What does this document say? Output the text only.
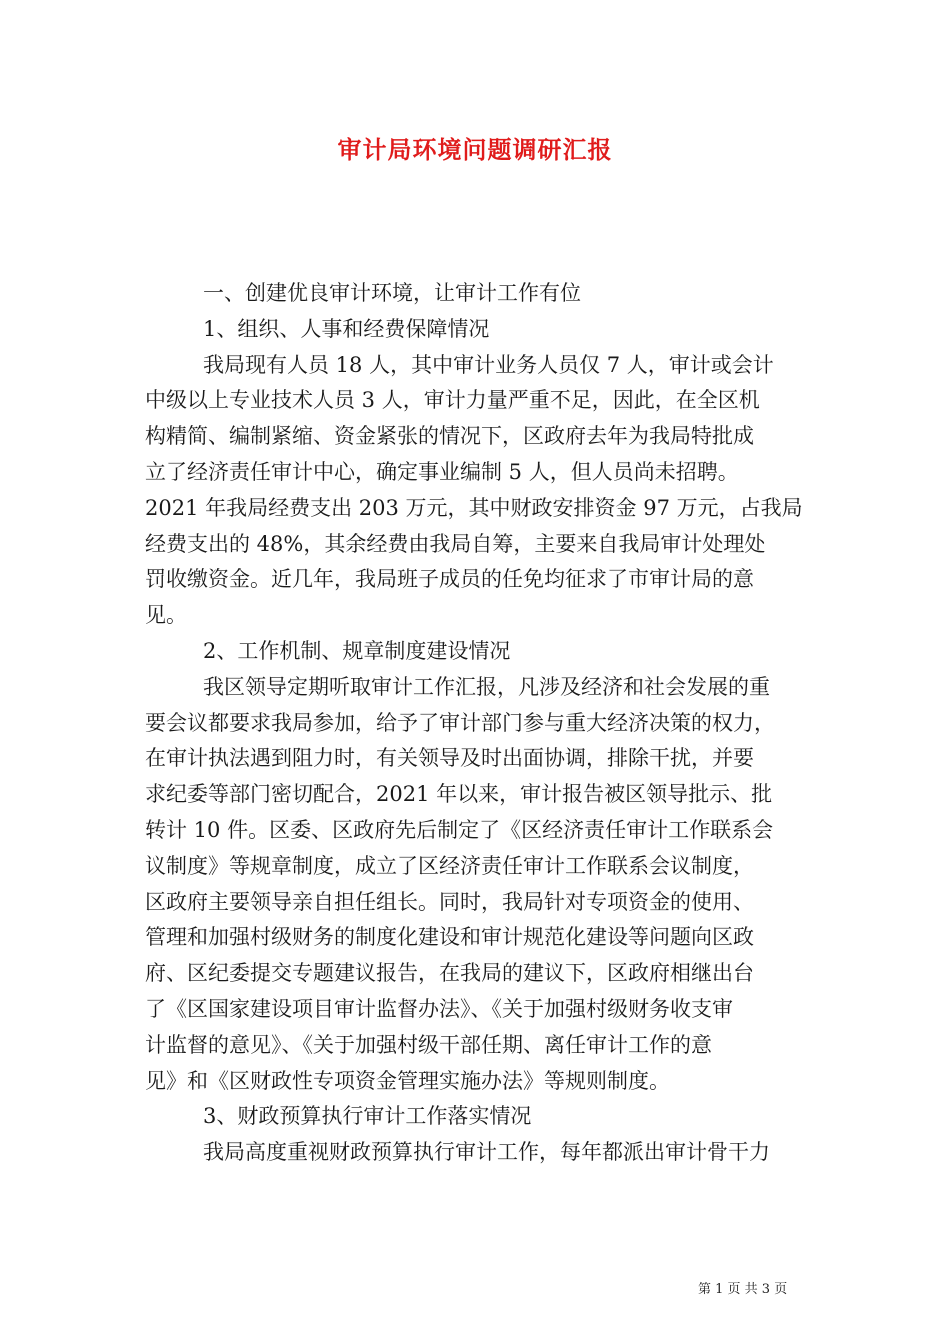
审计局环境问题调研汇报
一、创建优良审计环境，让审计工作有位
1、组织、人事和经费保障情况
我局现有人员 18 人，其中审计业务人员仅 7 人，审计或会计
中级以上专业技术人员 3 人，审计力量严重不足，因此，在全区机
构精简、编制紧缩、资金紧张的情况下，区政府去年为我局特批成
立了经济责任审计中心，确定事业编制 5 人，但人员尚未招聘。
2021 年我局经费支出 203 万元，其中财政安排资金 97 万元，占我局
经费支出的 48%，其余经费由我局自筹，主要来自我局审计处理处
罚收缴资金。近几年，我局班子成员的任免均征求了市审计局的意
见。
2、工作机制、规章制度建设情况
我区领导定期听取审计工作汇报，凡涉及经济和社会发展的重
要会议都要求我局参加，给予了审计部门参与重大经济决策的权力，
在审计执法遇到阻力时，有关领导及时出面协调，排除干扰，并要
求纪委等部门密切配合，2021 年以来，审计报告被区领导批示、批
转计 10 件。区委、区政府先后制定了《区经济责任审计工作联系会
议制度》等规章制度，成立了区经济责任审计工作联系会议制度，
区政府主要领导亲自担任组长。同时，我局针对专项资金的使用、
管理和加强村级财务的制度化建设和审计规范化建设等问题向区政
府、区纪委提交专题建议报告，在我局的建议下，区政府相继出台
了《区国家建设项目审计监督办法》、《关于加强村级财务收支审
计监督的意见》、《关于加强村级干部任期、离任审计工作的意
见》和《区财政性专项资金管理实施办法》等规则制度。
3、财政预算执行审计工作落实情况
我局高度重视财政预算执行审计工作，每年都派出审计骨干力
第 1 页 共 3 页
